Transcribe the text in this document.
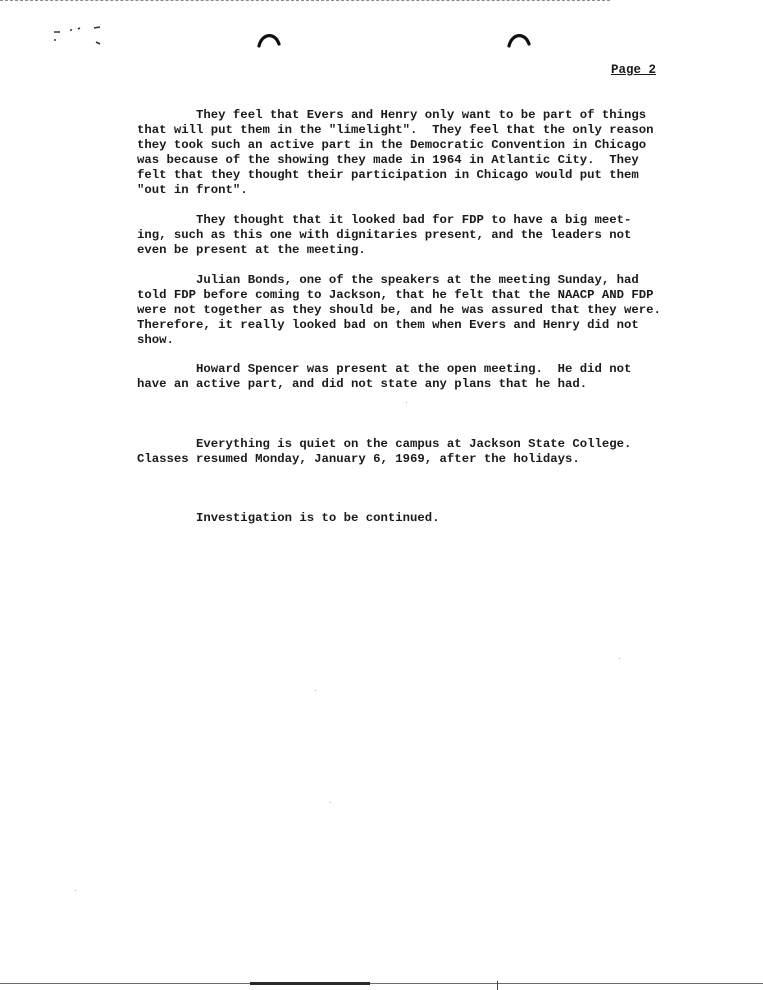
Page 2
They feel that Evers and Henry only want to be part of things
that will put them in the "limelight".  They feel that the only reason
they took such an active part in the Democratic Convention in Chicago
was because of the showing they made in 1964 in Atlantic City.  They
felt that they thought their participation in Chicago would put them
"out in front".
They thought that it looked bad for FDP to have a big meet-
ing, such as this one with dignitaries present, and the leaders not
even be present at the meeting.
Julian Bonds, one of the speakers at the meeting Sunday, had
told FDP before coming to Jackson, that he felt that the NAACP AND FDP
were not together as they should be, and he was assured that they were.
Therefore, it really looked bad on them when Evers and Henry did not
show.
Howard Spencer was present at the open meeting.  He did not
have an active part, and did not state any plans that he had.
Everything is quiet on the campus at Jackson State College.
Classes resumed Monday, January 6, 1969, after the holidays.
Investigation is to be continued.
